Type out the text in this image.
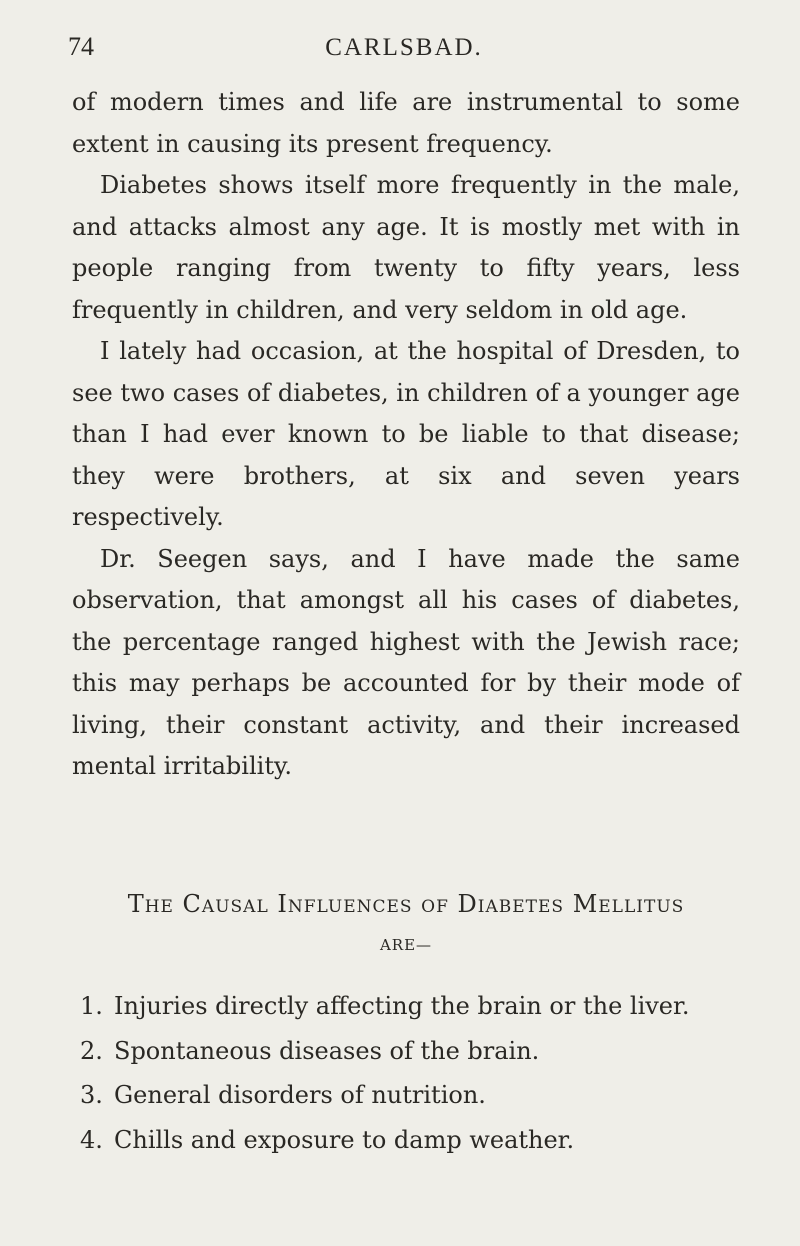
74	CARLSBAD.

of modern times and life are instrumental to some extent in causing its present frequency.

Diabetes shows itself more frequently in the male, and attacks almost any age. It is mostly met with in people ranging from twenty to fifty years, less frequently in children, and very seldom in old age.

I lately had occasion, at the hospital of Dresden, to see two cases of diabetes, in children of a younger age than I had ever known to be liable to that disease; they were brothers, at six and seven years respectively.

Dr. Seegen says, and I have made the same observation, that amongst all his cases of diabetes, the percentage ranged highest with the Jewish race; this may perhaps be accounted for by their mode of living, their constant activity, and their increased mental irritability.

The Causal Influences of Diabetes Mellitus
ARE—
1. Injuries directly affecting the brain or the liver.
2. Spontaneous diseases of the brain.
3. General disorders of nutrition.
4. Chills and exposure to damp weather.
